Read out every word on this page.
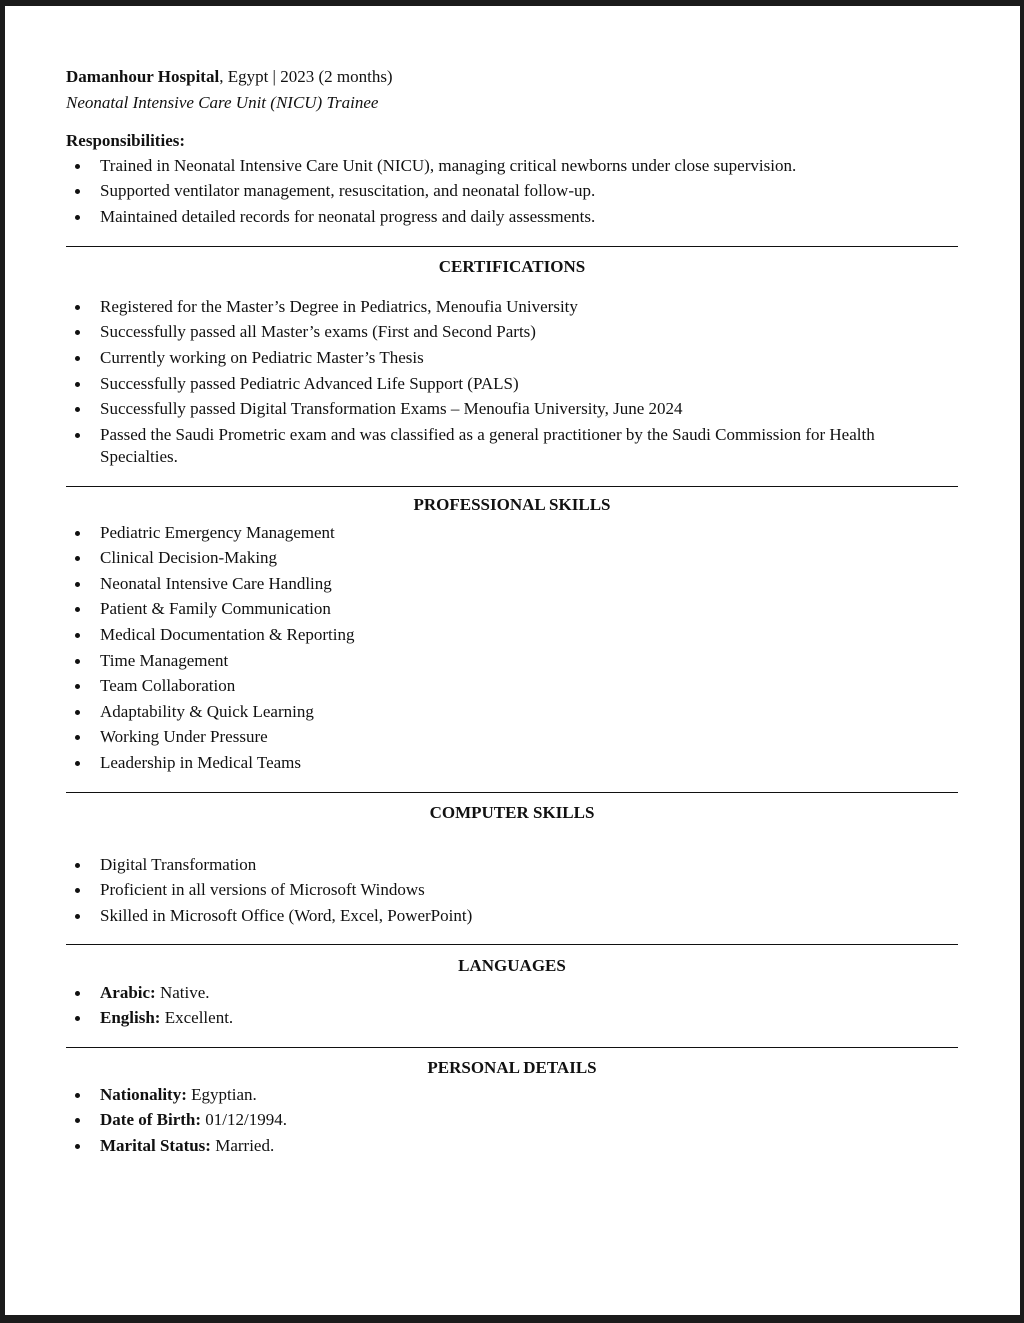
Damanhour Hospital, Egypt | 2023 (2 months)
Neonatal Intensive Care Unit (NICU) Trainee
Responsibilities:
Trained in Neonatal Intensive Care Unit (NICU), managing critical newborns under close supervision.
Supported ventilator management, resuscitation, and neonatal follow-up.
Maintained detailed records for neonatal progress and daily assessments.
CERTIFICATIONS
Registered for the Master’s Degree in Pediatrics, Menoufia University
Successfully passed all Master’s exams (First and Second Parts)
Currently working on Pediatric Master’s Thesis
Successfully passed Pediatric Advanced Life Support (PALS)
Successfully passed Digital Transformation Exams – Menoufia University, June 2024
Passed the Saudi Prometric exam and was classified as a general practitioner by the Saudi Commission for Health
Specialties.
PROFESSIONAL SKILLS
Pediatric Emergency Management
Clinical Decision-Making
Neonatal Intensive Care Handling
Patient & Family Communication
Medical Documentation & Reporting
Time Management
Team Collaboration
Adaptability & Quick Learning
Working Under Pressure
Leadership in Medical Teams
COMPUTER SKILLS
Digital Transformation
Proficient in all versions of Microsoft Windows
Skilled in Microsoft Office (Word, Excel, PowerPoint)
LANGUAGES
Arabic: Native.
English: Excellent.
PERSONAL DETAILS
Nationality: Egyptian.
Date of Birth: 01/12/1994.
Marital Status: Married.
